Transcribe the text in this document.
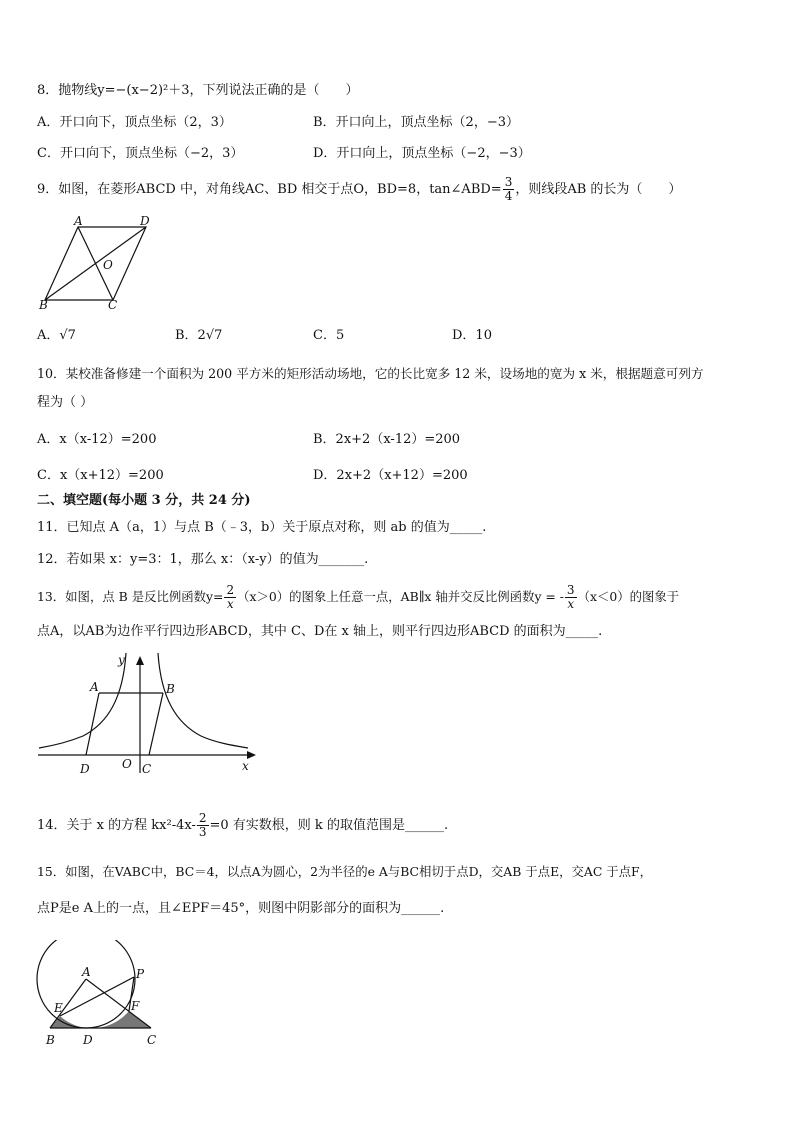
8．抛物线y=−(x−2)²＋3，下列说法正确的是（　　）
A．开口向下，顶点坐标（2，3）	B．开口向上，顶点坐标（2，−3）
C．开口向下，顶点坐标（−2，3）	D．开口向上，顶点坐标（−2，−3）
9．如图，在菱形ABCD 中，对角线AC、BD 相交于点O，BD=8，tan∠ABD= $\frac{3}{4}$ ，则线段AB 的长为（　　）
A	D
O
B	C
A．√7	B．2√7	C．5	D．10
10．某校准备修建一个面积为 200 平方米的矩形活动场地，它的长比宽多 12 米，设场地的宽为 x 米，根据题意可列方
程为（ ）
A．x（x-12）=200	B．2x+2（x-12）=200
C．x（x+12）=200	D．2x+2（x+12）=200
二、填空题(每小题 3 分，共 24 分)
11．已知点 A（a，1）与点 B（﹣3，b）关于原点对称，则 ab 的值为_____.
12．若如果 x：y=3：1，那么 x：（x-y）的值为_______.
13．如图，点 B 是反比例函数$y= \frac{2}{x} (x>0)$的图象上任意一点，AB∥x 轴并交反比例函数y = - $\frac{3}{x} (x<0)$的图象于
点A，以AB为边作平行四边形ABCD，其中 C、D在 x 轴上，则平行四边形ABCD 的面积为_____.
y
x
A	B
D	O C
14．关于 x 的方程 $kx^2-4x- \frac{2}{3} =0$ 有实数根，则 k 的取值范围是______.
15．如图，在VABC中，BC＝4，以点A为圆心，2为半径的e A与BC相切于点D，交AB 于点E，交AC 于点F，
点P是e A上的一点，且∠EPF＝45°，则图中阴影部分的面积为______.
A	P
E	F
B D	C
